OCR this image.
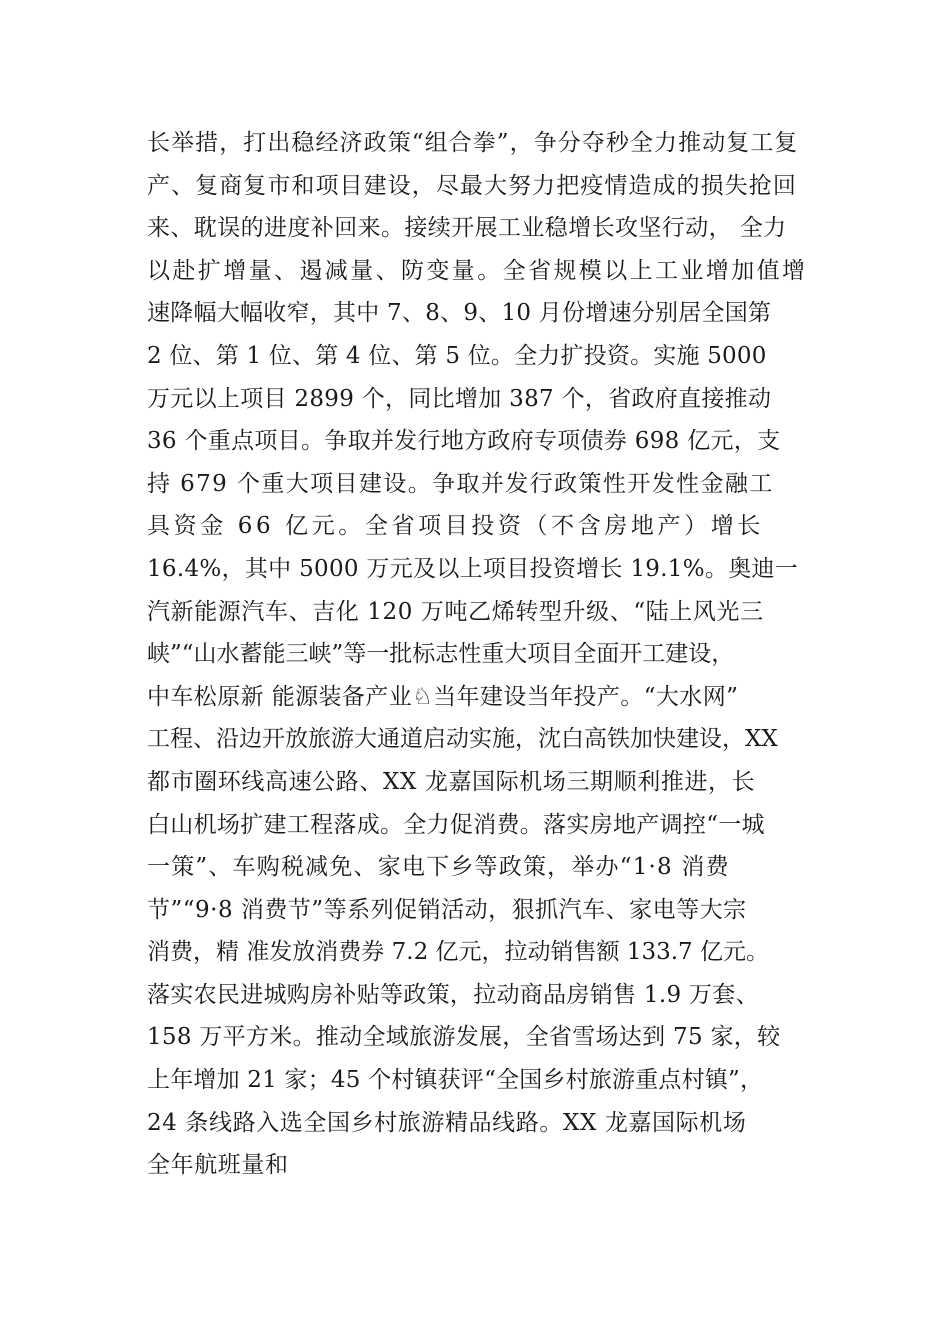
长举措，打出稳经济政策“组合拳”，争分夺秒全力推动复工复
产、复商复市和项目建设，尽最大努力把疫情造成的损失抢回
来、耽误的进度补回来。接续开展工业稳增长攻坚行动， 全力
以赴扩增量、遏减量、防变量。全省规模以上工业增加值增
速降幅大幅收窄，其中 7、8、9、10 月份增速分别居全国第
2 位、第 1 位、第 4 位、第 5 位。全力扩投资。实施 5000
万元以上项目 2899 个，同比增加 387 个，省政府直接推动
36 个重点项目。争取并发行地方政府专项债券 698 亿元，支
持 679 个重大项目建设。争取并发行政策性开发性金融工
具资金 66 亿元。全省项目投资（不含房地产）增长
16.4%，其中 5000 万元及以上项目投资增长 19.1%。奥迪一
汽新能源汽车、吉化 120 万吨乙烯转型升级、“陆上风光三
峡”“山水蓄能三峡”等一批标志性重大项目全面开工建设，
中车松原新 能源装备产业♘当年建设当年投产。“大水网”
工程、沿边开放旅游大通道启动实施，沈白高铁加快建设，XX
都市圈环线高速公路、XX 龙嘉国际机场三期顺利推进，长
白山机场扩建工程落成。全力促消费。落实房地产调控“一城
一策”、车购税减免、家电下乡等政策，举办“1·8 消费
节”“9·8 消费节”等系列促销活动，狠抓汽车、家电等大宗
消费，精 准发放消费券 7.2 亿元，拉动销售额 133.7 亿元。
落实农民进城购房补贴等政策，拉动商品房销售 1.9 万套、
158 万平方米。推动全域旅游发展，全省雪场达到 75 家，较
上年增加 21 家；45 个村镇获评“全国乡村旅游重点村镇”，
24 条线路入选全国乡村旅游精品线路。XX 龙嘉国际机场
全年航班量和
